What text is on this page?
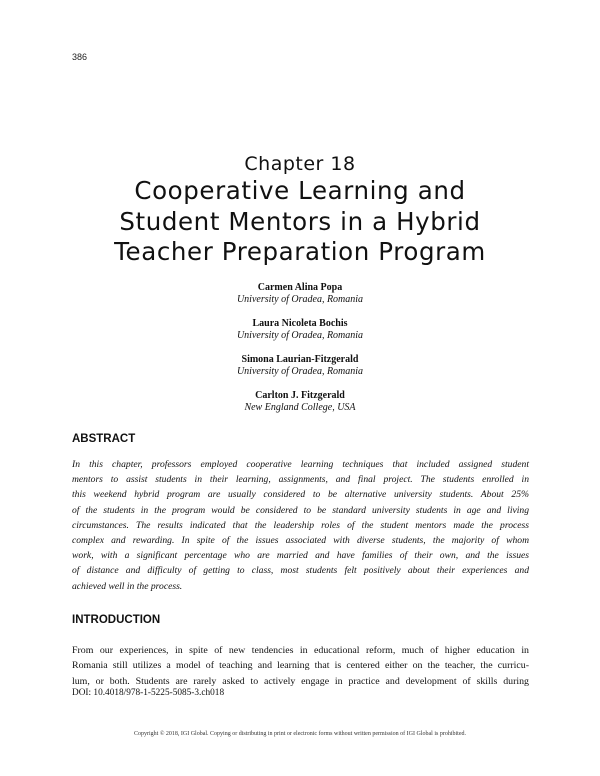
386
Chapter 18
Cooperative Learning and
Student Mentors in a Hybrid
Teacher Preparation Program
Carmen Alina Popa
University of Oradea, Romania
Laura Nicoleta Bochis
University of Oradea, Romania
Simona Laurian-Fitzgerald
University of Oradea, Romania
Carlton J. Fitzgerald
New England College, USA
ABSTRACT
In this chapter, professors employed cooperative learning techniques that included assigned student
mentors to assist students in their learning, assignments, and final project. The students enrolled in
this weekend hybrid program are usually considered to be alternative university students. About 25%
of the students in the program would be considered to be standard university students in age and living
circumstances. The results indicated that the leadership roles of the student mentors made the process
complex and rewarding. In spite of the issues associated with diverse students, the majority of whom
work, with a significant percentage who are married and have families of their own, and the issues
of distance and difficulty of getting to class, most students felt positively about their experiences and
achieved well in the process.
INTRODUCTION
From our experiences, in spite of new tendencies in educational reform, much of higher education in
Romania still utilizes a model of teaching and learning that is centered either on the teacher, the curricu-
lum, or both. Students are rarely asked to actively engage in practice and development of skills during
DOI: 10.4018/978-1-5225-5085-3.ch018
Copyright © 2018, IGI Global. Copying or distributing in print or electronic forms without written permission of IGI Global is prohibited.
